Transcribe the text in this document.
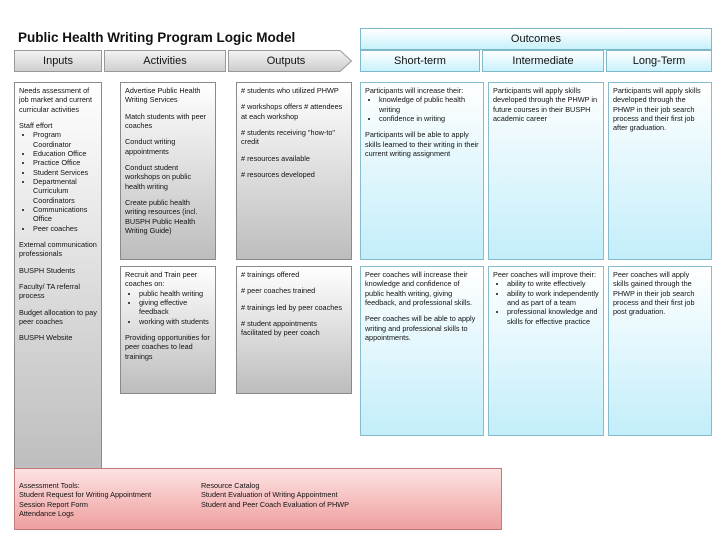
Public Health Writing Program Logic Model
Inputs	Activities	Outputs
Outcomes
Short-term	Intermediate	Long-Term

Needs assessment of job market and current curricular activities

Staff effort
• Program Coordinator
• Education Office
• Practice Office
• Student Services
• Departmental Curriculum Coordinators
• Communications Office
• Peer coaches

External communication professionals

BUSPH Students

Faculty/ TA referral process

Budget allocation to pay peer coaches

BUSPH Website

Advertise Public Health Writing Services

Match students with peer coaches

Conduct writing appointments

Conduct student workshops on public health writing

Create public health writing resources (incl. BUSPH Public Health Writing Guide)

Recruit and Train peer coaches on:
• public health writing
• giving effective feedback
• working with students

Providing opportunities for peer coaches to lead trainings

# students who utilized PHWP

# workshops offers # attendees at each workshop

# students receiving "how-to" credit

# resources available

# resources developed

# trainings offered

# peer coaches trained

# trainings led by peer coaches

# student appointments facilitated by peer coach

Participants will increase their:
• knowledge of public health writing
• confidence in writing

Participants will be able to apply skills learned to their writing in their current writing assignment

Peer coaches will increase their knowledge and confidence of public health writing, giving feedback, and professional skills.

Peer coaches will be able to apply writing and professional skills to appointments.

Participants will apply skills developed through the PHWP in future courses in their BUSPH academic career

Peer coaches will improve their:
• ability to write effectively
• ability to work independently and as part of a team
• professional knowledge and skills for effective practice

Participants will apply skills developed through the PHWP in their job search process and their first job after graduation.

Peer coaches will apply skills gained through the PHWP in their job search process and their first job post graduation.

Assessment Tools:
Student Request for Writing Appointment
Session Report Form
Attendance Logs
Resource Catalog
Student Evaluation of Writing Appointment
Student and Peer Coach Evaluation of PHWP
